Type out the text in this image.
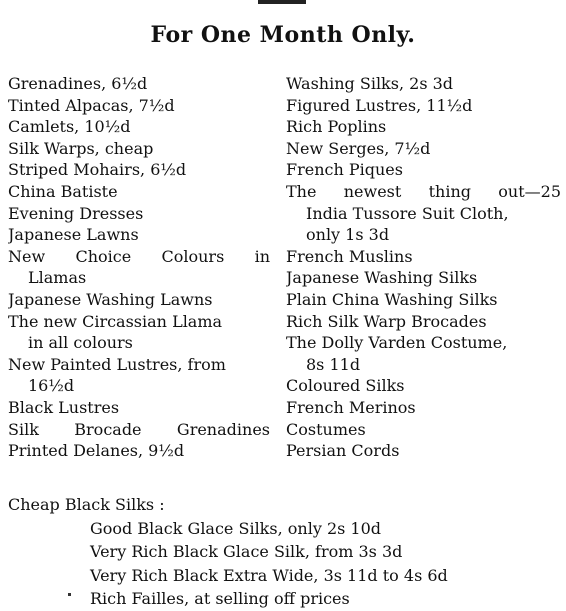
For One Month Only.
Grenadines, 6½d
Tinted Alpacas, 7½d
Camlets, 10½d
Silk Warps, cheap
Striped Mohairs, 6½d
China Batiste
Evening Dresses
Japanese Lawns
New Choice Colours in
Llamas
Japanese Washing Lawns
The new Circassian Llama
in all colours
New Painted Lustres, from
16½d
Black Lustres
Silk Brocade Grenadines
Printed Delanes, 9½d
Washing Silks, 2s 3d
Figured Lustres, 11½d
Rich Poplins
New Serges, 7½d
French Piques
The newest thing out—25
India Tussore Suit Cloth,
only 1s 3d
French Muslins
Japanese Washing Silks
Plain China Washing Silks
Rich Silk Warp Brocades
The Dolly Varden Costume,
8s 11d
Coloured Silks
French Merinos
Costumes
Persian Cords
Cheap Black Silks :
Good Black Glace Silks, only 2s 10d
Very Rich Black Glace Silk, from 3s 3d
Very Rich Black Extra Wide, 3s 11d to 4s 6d
Rich Failles, at selling off prices
